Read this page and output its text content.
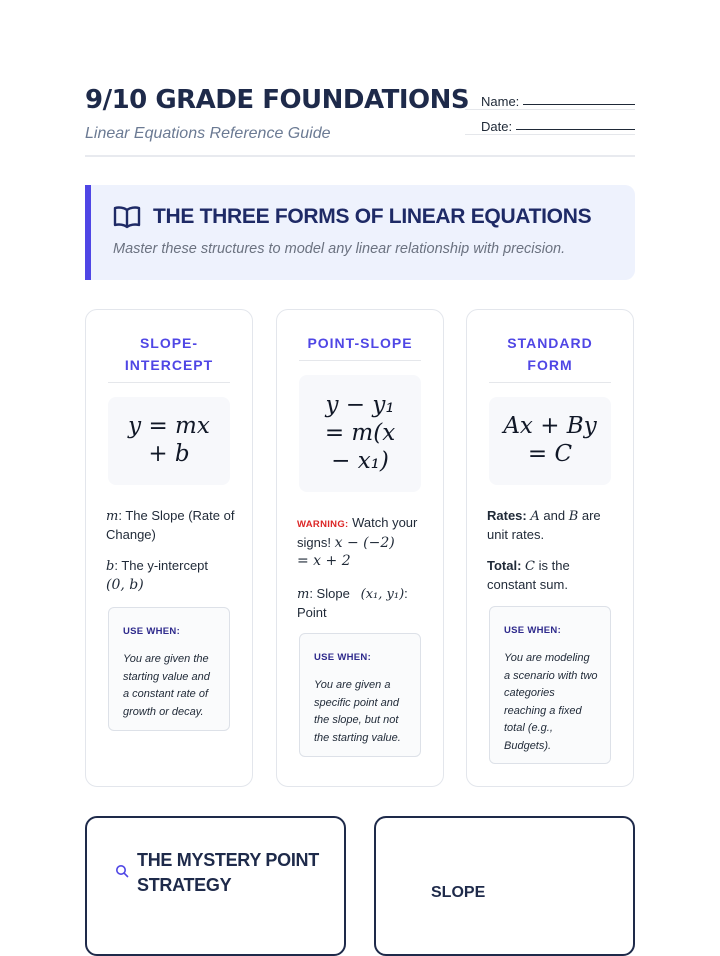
9/10 GRADE FOUNDATIONS
Linear Equations Reference Guide
Name:
Date:
THE THREE FORMS OF LINEAR EQUATIONS
Master these structures to model any linear relationship with precision.
SLOPE-
INTERCEPT
y = mx
+ b
m: The Slope (Rate of Change)
b: The y-intercept
(0, b)
USE WHEN:
You are given the starting value and a constant rate of growth or decay.
POINT-SLOPE
y − y₁
= m(x
− x₁)
WARNING: Watch your signs! x − (−2)
= x + 2
m: Slope (x₁, y₁): Point
USE WHEN:
You are given a specific point and the slope, but not the starting value.
STANDARD
FORM
Ax + By
= C
Rates: A and B are unit rates.
Total: C is the constant sum.
USE WHEN:
You are modeling a scenario with two categories reaching a fixed total (e.g., Budgets).
THE MYSTERY POINT
STRATEGY	SLOPE
